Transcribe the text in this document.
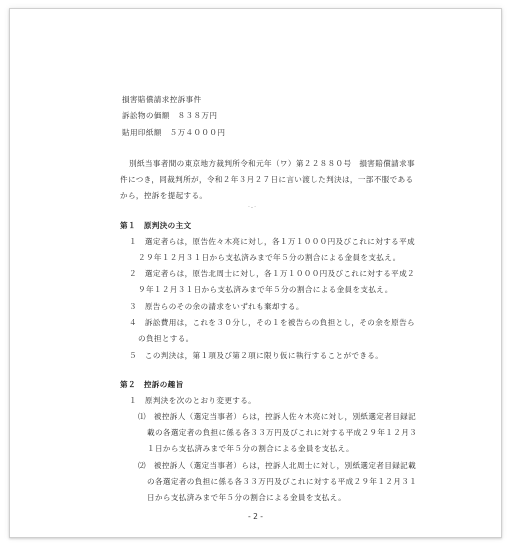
損害賠償請求控訴事件
訴訟物の価額　８３８万円
貼用印紙額　５万４０００円
別紙当事者間の東京地方裁判所令和元年（ワ）第２２８８０号　損害賠償請求事
件につき，同裁判所が，令和２年３月２７日に言い渡した判決は，一部不服である
から，控訴を提起する。
·-·
第１　原判決の主文
１　選定者らは，原告佐々木亮に対し，各１万１０００円及びこれに対する平成
２９年１２月３１日から支払済みまで年５分の割合による金員を支払え。
２　選定者らは，原告北周士に対し，各１万１０００円及びこれに対する平成２
９年１２月３１日から支払済みまで年５分の割合による金員を支払え。
３　原告らのその余の請求をいずれも棄却する。
４　訴訟費用は，これを３０分し，その１を被告らの負担とし，その余を原告ら
の負担とする。
５　この判決は，第１項及び第２項に限り仮に執行することができる。
第２　控訴の趣旨
１　原判決を次のとおり変更する。
⑴　被控訴人（選定当事者）らは，控訴人佐々木亮に対し，別紙選定者目録記
載の各選定者の負担に係る各３３万円及びこれに対する平成２９年１２月３
１日から支払済みまで年５分の割合による金員を支払え。
⑵　被控訴人（選定当事者）らは，控訴人北周士に対し，別紙選定者目録記載
の各選定者の負担に係る各３３万円及びこれに対する平成２９年１２月３１
日から支払済みまで年５分の割合による金員を支払え。
- 2 -
